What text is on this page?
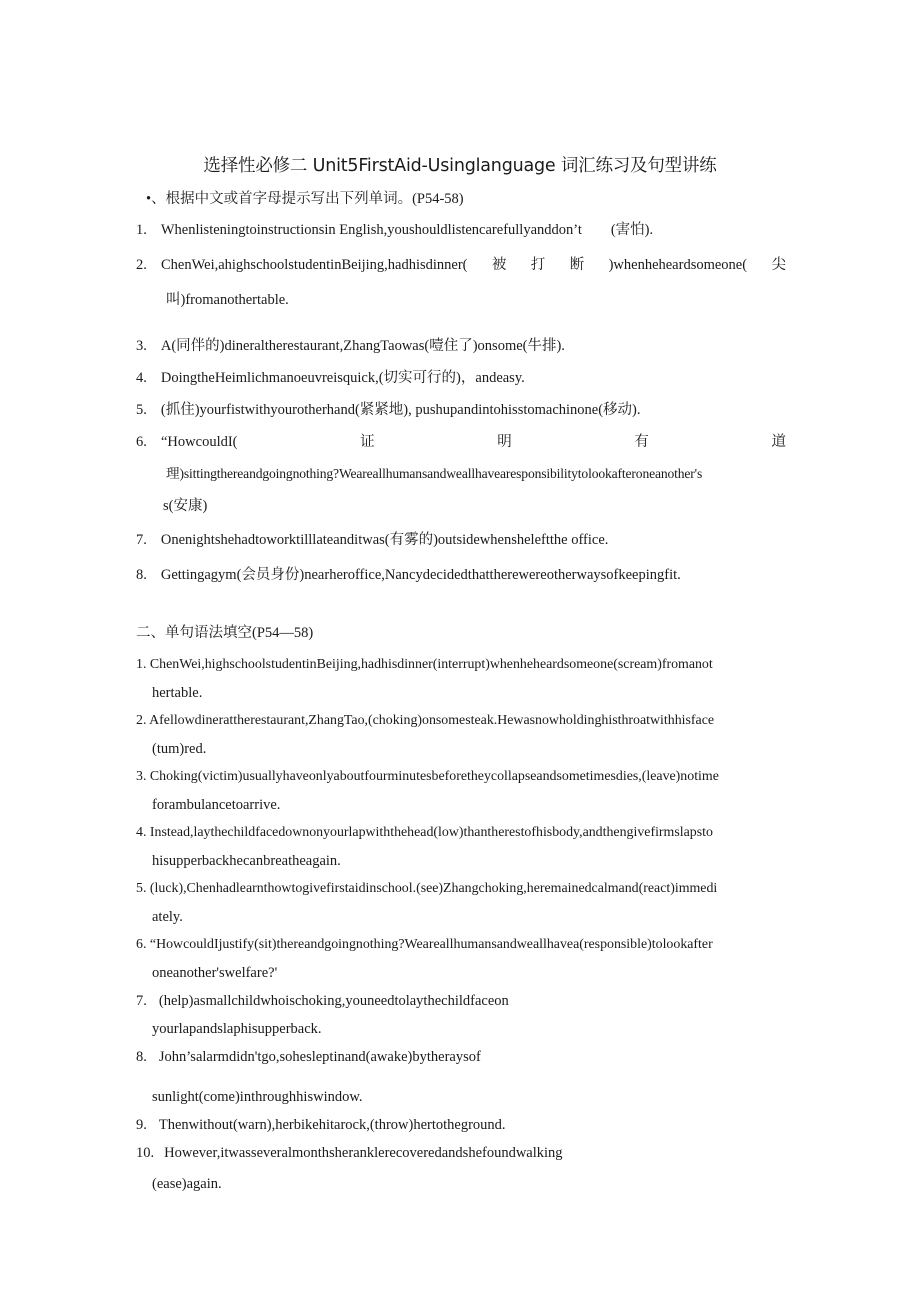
选择性必修二 Unit5FirstAid-Usinglanguage 词汇练习及句型讲练
•、根据中文或首字母提示写出下列单词。(P54-58)
1. Whenlisteningtoinstructionsin English,youshouldlistencarefullyanddon’t　　(害怕).
2. ChenWei,ahighschoolstudentinBeijing,hadhisdinner( 被 打 断 )whenheheardsomeone( 尖
叫)fromanothertable.
3. A(同伴的)dineraltherestaurant,ZhangTaowas(噎住了)onsome(牛排).
4. DoingtheHeimlichmanoeuvreisquick,(切实可行的)，andeasy.
5. (抓住)yourfistwithyourotherhand(紧紧地), pushupandintohisstomachinone(移动).
6. “HowcouldI(	证	明	有	道
理)sittingthereandgoingnothing?Weareallhumansandweallhavearesponsibilitytolookafteroneanother's
s(安康)
7. Onenightshehadtoworktilllateanditwas(有雾的)outsidewhensheleftthe office.
8. Gettingagym(会员身份)nearheroffice,Nancydecidedthattherewereotherwaysofkeepingfit.
二、单句语法填空(P54—58)
1. ChenWei,highschoolstudentinBeijing,hadhisdinner(interrupt)whenheheardsomeone(scream)fromanot
hertable.
2. Afellowdinerattherestaurant,ZhangTao,(choking)onsomesteak.Hewasnowholdinghisthroatwithhisface
(tum)red.
3. Choking(victim)usuallyhaveonlyaboutfourminutesbeforetheycollapseandsometimesdies,(leave)notime
forambulancetoarrive.
4. Instead,laythechildfacedownonyourlapwiththehead(low)thantherestofhisbody,andthengivefirmslapsto
hisupperbackhecanbreatheagain.
5. (luck),Chenhadlearnthowtogivefirstaidinschool.(see)Zhangchoking,heremainedcalmand(react)immedi
ately.
6. “HowcouldIjustify(sit)thereandgoingnothing?Weareallhumansandweallhavea(responsible)tolookafter
oneanother'swelfare?'
7. (help)asmallchildwhoischoking,youneedtolaythechildfaceon
yourlapandslaphisupperback.
8. John’salarmdidn'tgo,sohesleptinand(awake)bytheraysof
sunlight(come)inthroughhiswindow.
9. Thenwithout(warn),herbikehitarock,(throw)hertotheground.
10. However,itwasseveralmonthsheranklerecoveredandshefoundwalking
(ease)again.
